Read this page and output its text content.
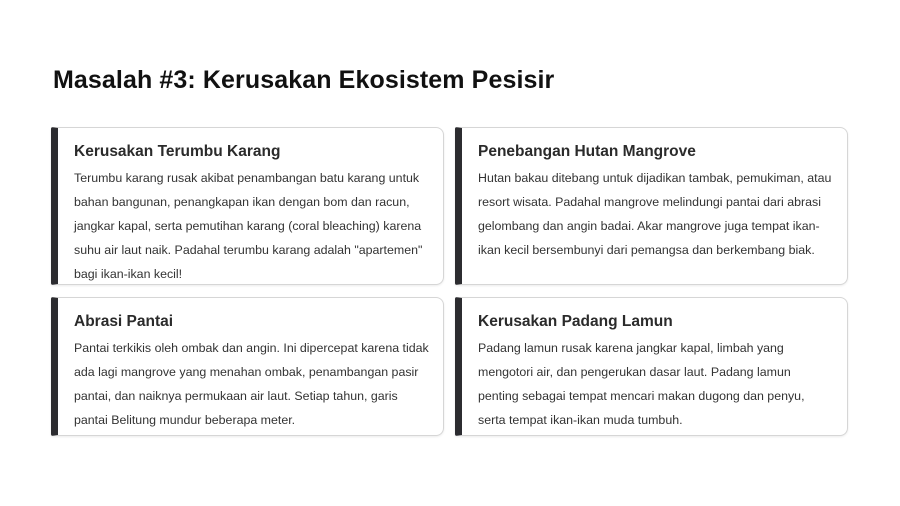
Masalah #3: Kerusakan Ekosistem Pesisir
Kerusakan Terumbu Karang

Terumbu karang rusak akibat penambangan batu karang untuk bahan bangunan, penangkapan ikan dengan bom dan racun, jangkar kapal, serta pemutihan karang (coral bleaching) karena suhu air laut naik. Padahal terumbu karang adalah "apartemen" bagi ikan-ikan kecil!

Penebangan Hutan Mangrove

Hutan bakau ditebang untuk dijadikan tambak, pemukiman, atau resort wisata. Padahal mangrove melindungi pantai dari abrasi gelombang dan angin badai. Akar mangrove juga tempat ikan-ikan kecil bersembunyi dari pemangsa dan berkembang biak.

Abrasi Pantai

Pantai terkikis oleh ombak dan angin. Ini dipercepat karena tidak ada lagi mangrove yang menahan ombak, penambangan pasir pantai, dan naiknya permukaan air laut. Setiap tahun, garis pantai Belitung mundur beberapa meter.

Kerusakan Padang Lamun

Padang lamun rusak karena jangkar kapal, limbah yang mengotori air, dan pengerukan dasar laut. Padang lamun penting sebagai tempat mencari makan dugong dan penyu, serta tempat ikan-ikan muda tumbuh.
